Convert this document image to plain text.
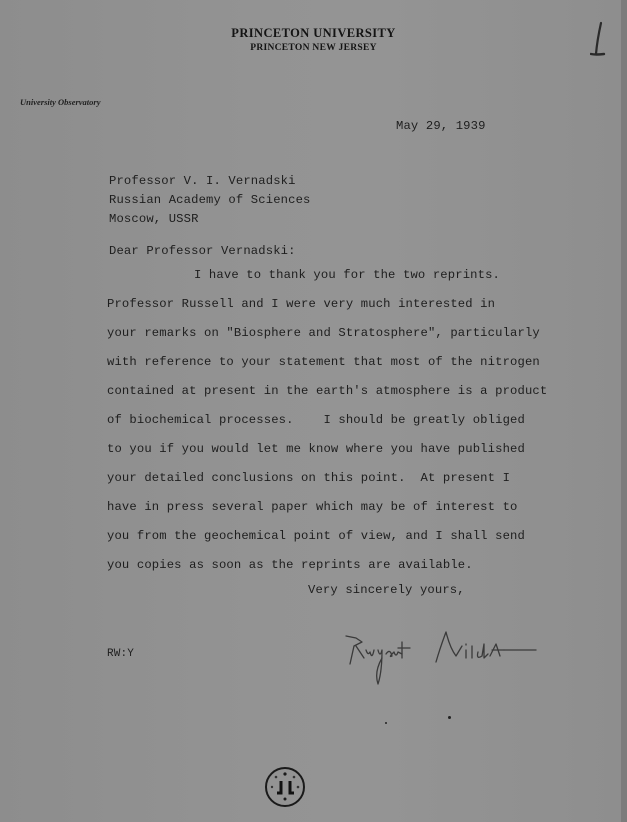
PRINCETON UNIVERSITY
PRINCETON NEW JERSEY
University Observatory
May 29, 1939
Professor V. I. Vernadski
Russian Academy of Sciences
Moscow, USSR
Dear Professor Vernadski:
I have to thank you for the two reprints.
Professor Russell and I were very much interested in
your remarks on "Biosphere and Stratosphere", particularly
with reference to your statement that most of the nitrogen
contained at present in the earth's atmosphere is a product
of biochemical processes.    I should be greatly obliged
to you if you would let me know where you have published
your detailed conclusions on this point.  At present I
have in press several paper which may be of interest to
you from the geochemical point of view, and I shall send
you copies as soon as the reprints are available.
Very sincerely yours,
RW:Y
